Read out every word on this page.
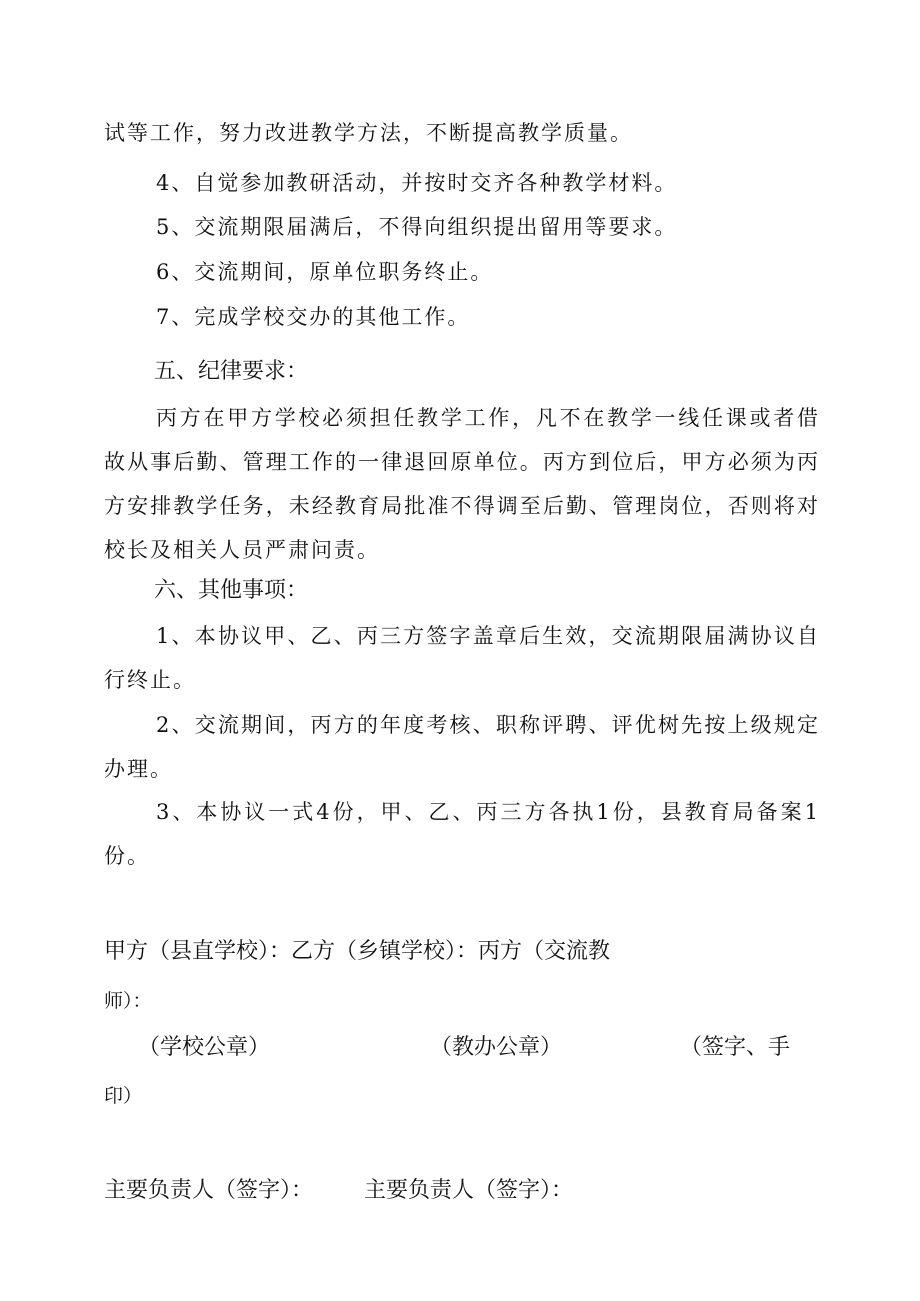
试等工作，努力改进教学方法，不断提高教学质量。
4、自觉参加教研活动，并按时交齐各种教学材料。
5、交流期限届满后，不得向组织提出留用等要求。
6、交流期间，原单位职务终止。
7、完成学校交办的其他工作。
五、纪律要求：

丙方在甲方学校必须担任教学工作，凡不在教学一线任课或者借故从事后勤、管理工作的一律退回原单位。丙方到位后，甲方必须为丙方安排教学任务，未经教育局批准不得调至后勤、管理岗位，否则将对校长及相关人员严肃问责。

六、其他事项：

1、本协议甲、乙、丙三方签字盖章后生效，交流期限届满协议自行终止。

2、交流期间，丙方的年度考核、职称评聘、评优树先按上级规定办理。

3、本协议一式4份，甲、乙、丙三方各执1份，县教育局备案1份。

甲方（县直学校）：乙方（乡镇学校）：丙方（交流教
师）：
（学校公章）	（教办公章）	（签字、手
印）
主要负责人（签字）： 主要负责人（签字）：
